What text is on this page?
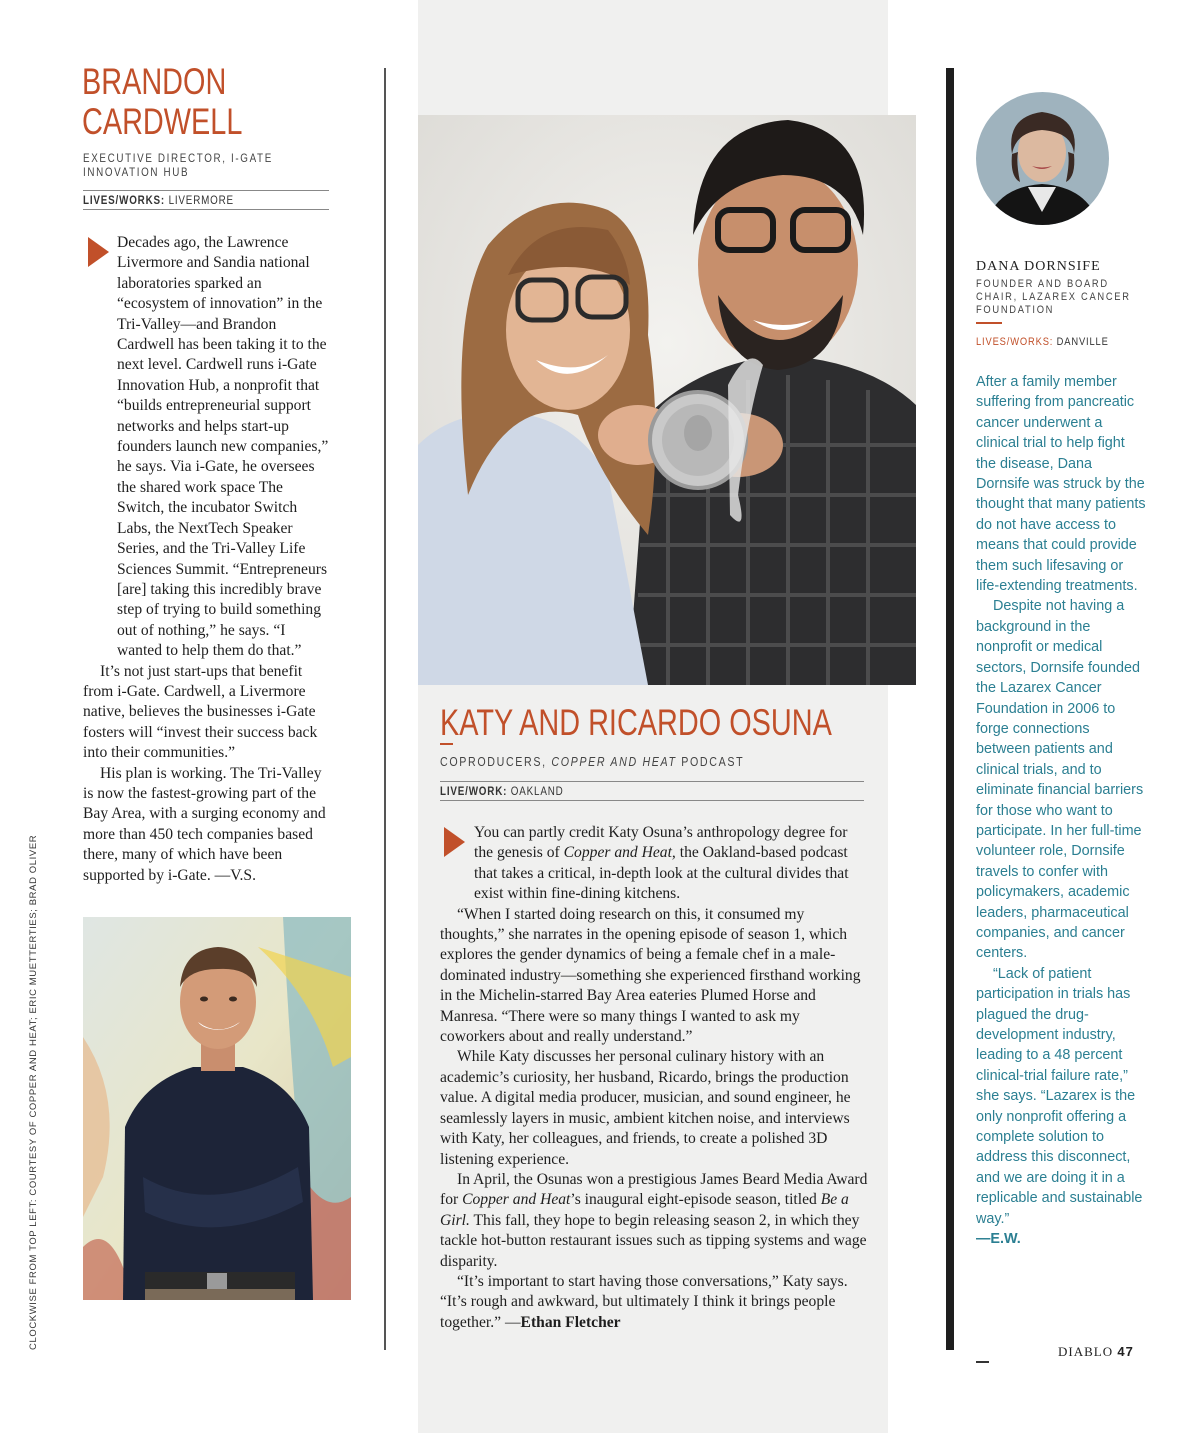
BRANDON
CARDWELL
EXECUTIVE DIRECTOR, I-GATE
INNOVATION HUB
LIVES/WORKS: LIVERMORE

Decades ago, the Lawrence Livermore and Sandia national laboratories sparked an “ecosystem of innovation” in the Tri-Valley—and Brandon Cardwell has been taking it to the next level. Cardwell runs i-Gate Innovation Hub, a nonprofit that “builds entrepreneurial support networks and helps start-up founders launch new companies,” he says. Via i-Gate, he oversees the shared work space The Switch, the incubator Switch Labs, the NextTech Speaker Series, and the Tri-Valley Life Sciences Summit. “Entrepreneurs [are] taking this incredibly brave step of trying to build something out of nothing,” he says. “I wanted to help them do that.”

It’s not just start-ups that benefit from i-Gate. Cardwell, a Livermore native, believes the businesses i-Gate fosters will “invest their success back into their communities.”

His plan is working. The Tri-Valley is now the fastest-growing part of the Bay Area, with a surging economy and more than 450 tech companies based there, many of which have been supported by i-Gate. —V.S.

CLOCKWISE FROM TOP LEFT: COURTESY OF COPPER AND HEAT; ERIC MUETTERTIES; BRAD OLIVER
KATY AND RICARDO OSUNA
COPRODUCERS, COPPER AND HEAT PODCAST
LIVE/WORK: OAKLAND

You can partly credit Katy Osuna’s anthropology degree for the genesis of Copper and Heat, the Oakland-based podcast that takes a critical, in-depth look at the cultural divides that exist within fine-dining kitchens.

“When I started doing research on this, it consumed my thoughts,” she narrates in the opening episode of season 1, which explores the gender dynamics of being a female chef in a male-dominated industry—something she experienced firsthand working in the Michelin-starred Bay Area eateries Plumed Horse and Manresa. “There were so many things I wanted to ask my coworkers about and really understand.”

While Katy discusses her personal culinary history with an academic’s curiosity, her husband, Ricardo, brings the production value. A digital media producer, musician, and sound engineer, he seamlessly layers in music, ambient kitchen noise, and interviews with Katy, her colleagues, and friends, to create a polished 3D listening experience.

In April, the Osunas won a prestigious James Beard Media Award for Copper and Heat’s inaugural eight-episode season, titled Be a Girl. This fall, they hope to begin releasing season 2, in which they tackle hot-button restaurant issues such as tipping systems and wage disparity.

“It’s important to start having those conversations,” Katy says. “It’s rough and awkward, but ultimately I think it brings people together.” —Ethan Fletcher

DANA DORNSIFE
FOUNDER AND BOARD
CHAIR, LAZAREX CANCER
FOUNDATION
LIVES/WORKS: DANVILLE

After a family member suffering from pancreatic cancer underwent a clinical trial to help fight the disease, Dana Dornsife was struck by the thought that many patients do not have access to means that could provide them such lifesaving or life-extending treatments.

Despite not having a background in the nonprofit or medical sectors, Dornsife founded the Lazarex Cancer Foundation in 2006 to forge connections between patients and clinical trials, and to eliminate financial barriers for those who want to participate. In her full-time volunteer role, Dornsife travels to confer with policymakers, academic leaders, pharmaceutical companies, and cancer centers.

“Lack of patient participation in trials has plagued the drug-development industry, leading to a 48 percent clinical-trial failure rate,” she says. “Lazarex is the only nonprofit offering a complete solution to address this disconnect, and we are doing it in a replicable and sustainable way.”

—E.W.

DIABLO 47
